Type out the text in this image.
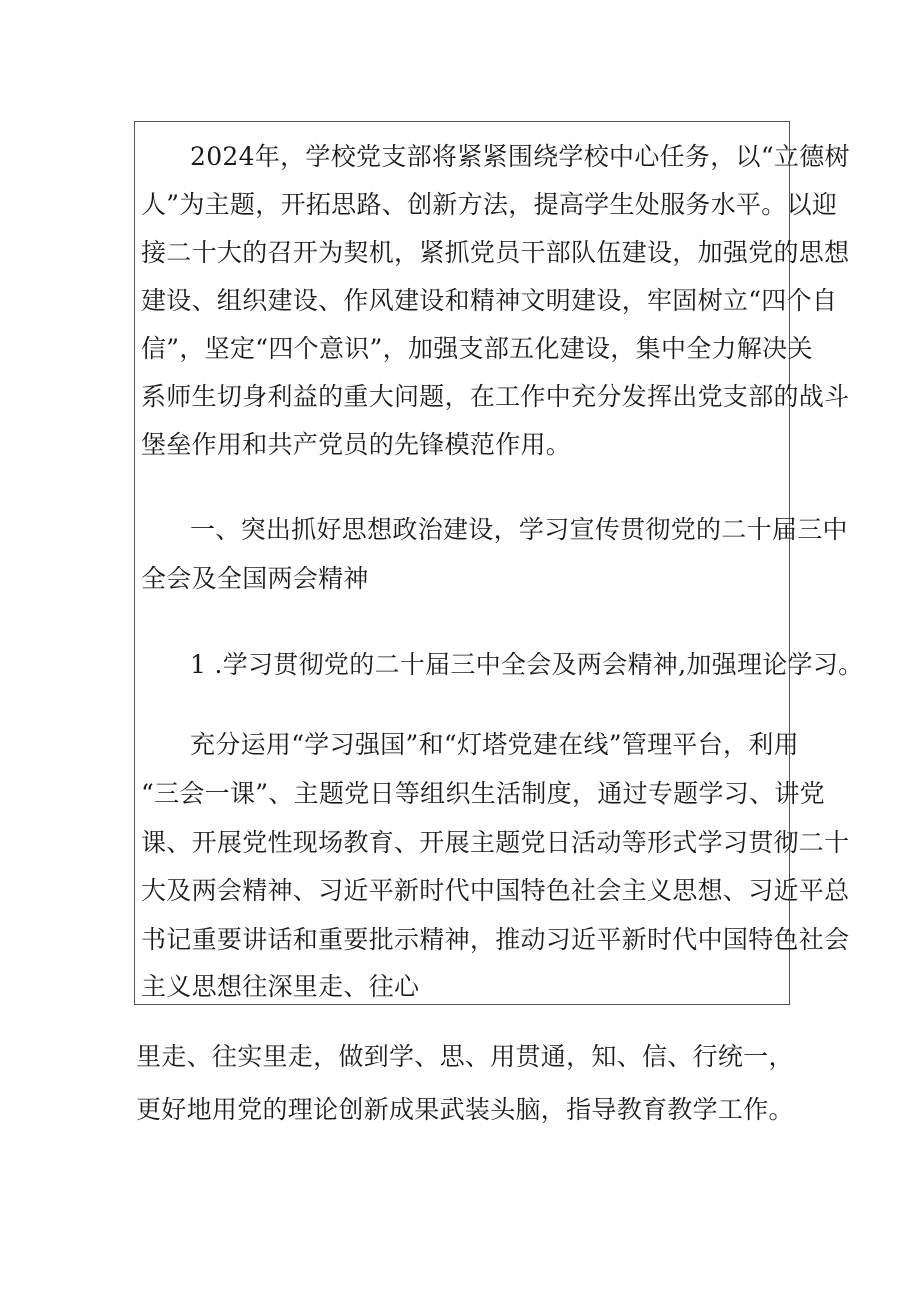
2024年，学校党支部将紧紧围绕学校中心任务，以“立德树

人”为主题，开拓思路、创新方法，提高学生处服务水平。以迎

接二十大的召开为契机，紧抓党员干部队伍建设，加强党的思想

建设、组织建设、作风建设和精神文明建设，牢固树立“四个自

信”，坚定“四个意识”，加强支部五化建设，集中全力解决关

系师生切身利益的重大问题，在工作中充分发挥出党支部的战斗

堡垒作用和共产党员的先锋模范作用。

一、突出抓好思想政治建设，学习宣传贯彻党的二十届三中

全会及全国两会精神

1 .学习贯彻党的二十届三中全会及两会精神,加强理论学习。

充分运用“学习强国”和“灯塔党建在线”管理平台，利用

“三会一课”、主题党日等组织生活制度，通过专题学习、讲党

课、开展党性现场教育、开展主题党日活动等形式学习贯彻二十

大及两会精神、习近平新时代中国特色社会主义思想、习近平总

书记重要讲话和重要批示精神，推动习近平新时代中国特色社会

主义思想往深里走、往心

里走、往实里走，做到学、思、用贯通，知、信、行统一，

更好地用党的理论创新成果武装头脑，指导教育教学工作。
